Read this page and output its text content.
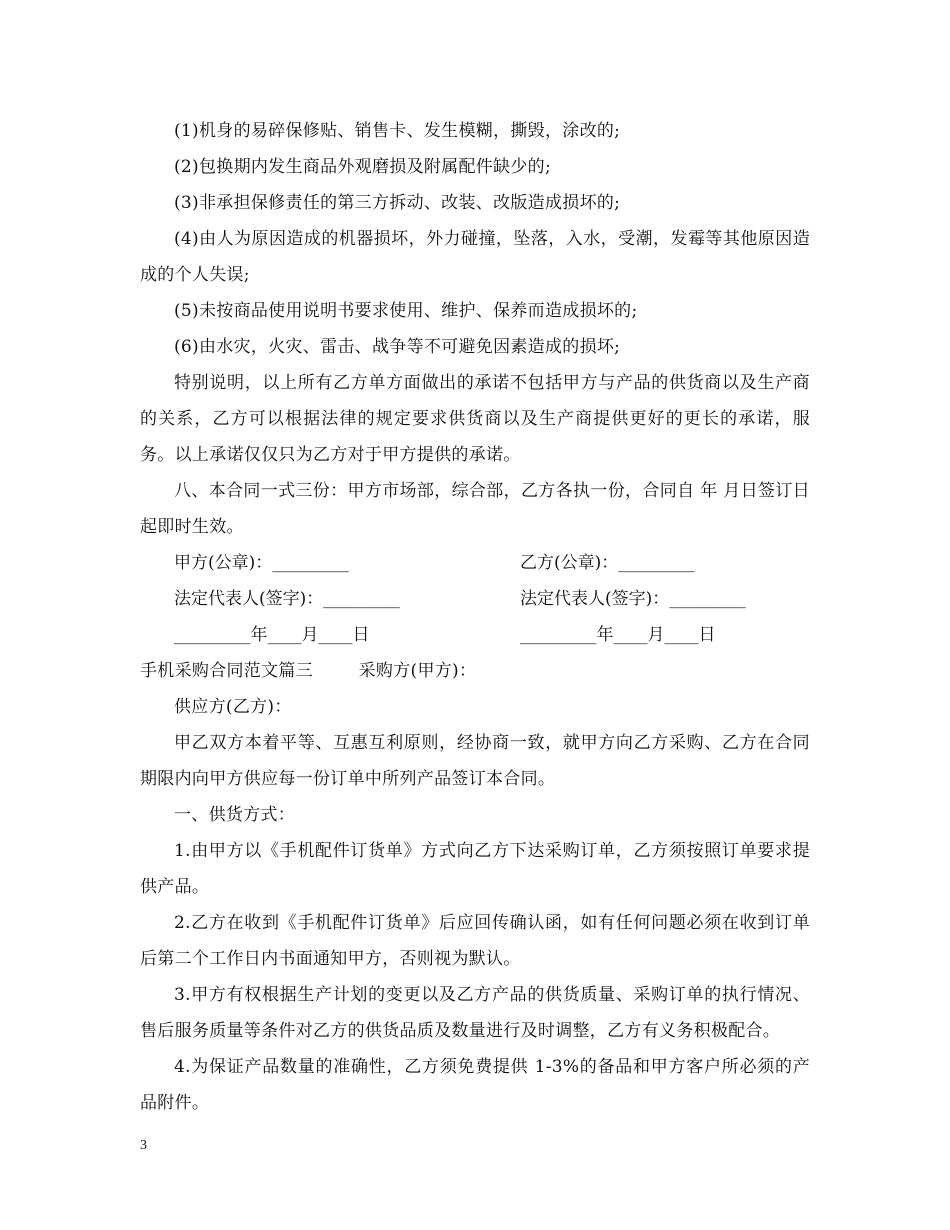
(1)机身的易碎保修贴、销售卡、发生模糊，撕毁，涂改的;

(2)包换期内发生商品外观磨损及附属配件缺少的;

(3)非承担保修责任的第三方拆动、改装、改版造成损坏的;

(4)由人为原因造成的机器损坏，外力碰撞，坠落，入水，受潮，发霉等其他原因造成的个人失误;

(5)未按商品使用说明书要求使用、维护、保养而造成损坏的;

(6)由水灾，火灾、雷击、战争等不可避免因素造成的损坏;

特别说明，以上所有乙方单方面做出的承诺不包括甲方与产品的供货商以及生产商的关系，乙方可以根据法律的规定要求供货商以及生产商提供更好的更长的承诺，服务。以上承诺仅仅只为乙方对于甲方提供的承诺。

八、本合同一式三份：甲方市场部，综合部，乙方各执一份，合同自 年 月日签订日起即时生效。

甲方(公章)：_________	乙方(公章)：_________
法定代表人(签字)：_________	法定代表人(签字)：_________
_________年____月____日	_________年____月____日

手机采购合同范文篇三        采购方(甲方)：

供应方(乙方)：

甲乙双方本着平等、互惠互利原则，经协商一致，就甲方向乙方采购、乙方在合同期限内向甲方供应每一份订单中所列产品签订本合同。

一、供货方式：

1.由甲方以《手机配件订货单》方式向乙方下达采购订单，乙方须按照订单要求提供产品。

2.乙方在收到《手机配件订货单》后应回传确认函，如有任何问题必须在收到订单后第二个工作日内书面通知甲方，否则视为默认。

3.甲方有权根据生产计划的变更以及乙方产品的供货质量、采购订单的执行情况、售后服务质量等条件对乙方的供货品质及数量进行及时调整，乙方有义务积极配合。

4.为保证产品数量的准确性，乙方须免费提供 1-3%的备品和甲方客户所必须的产品附件。

3
